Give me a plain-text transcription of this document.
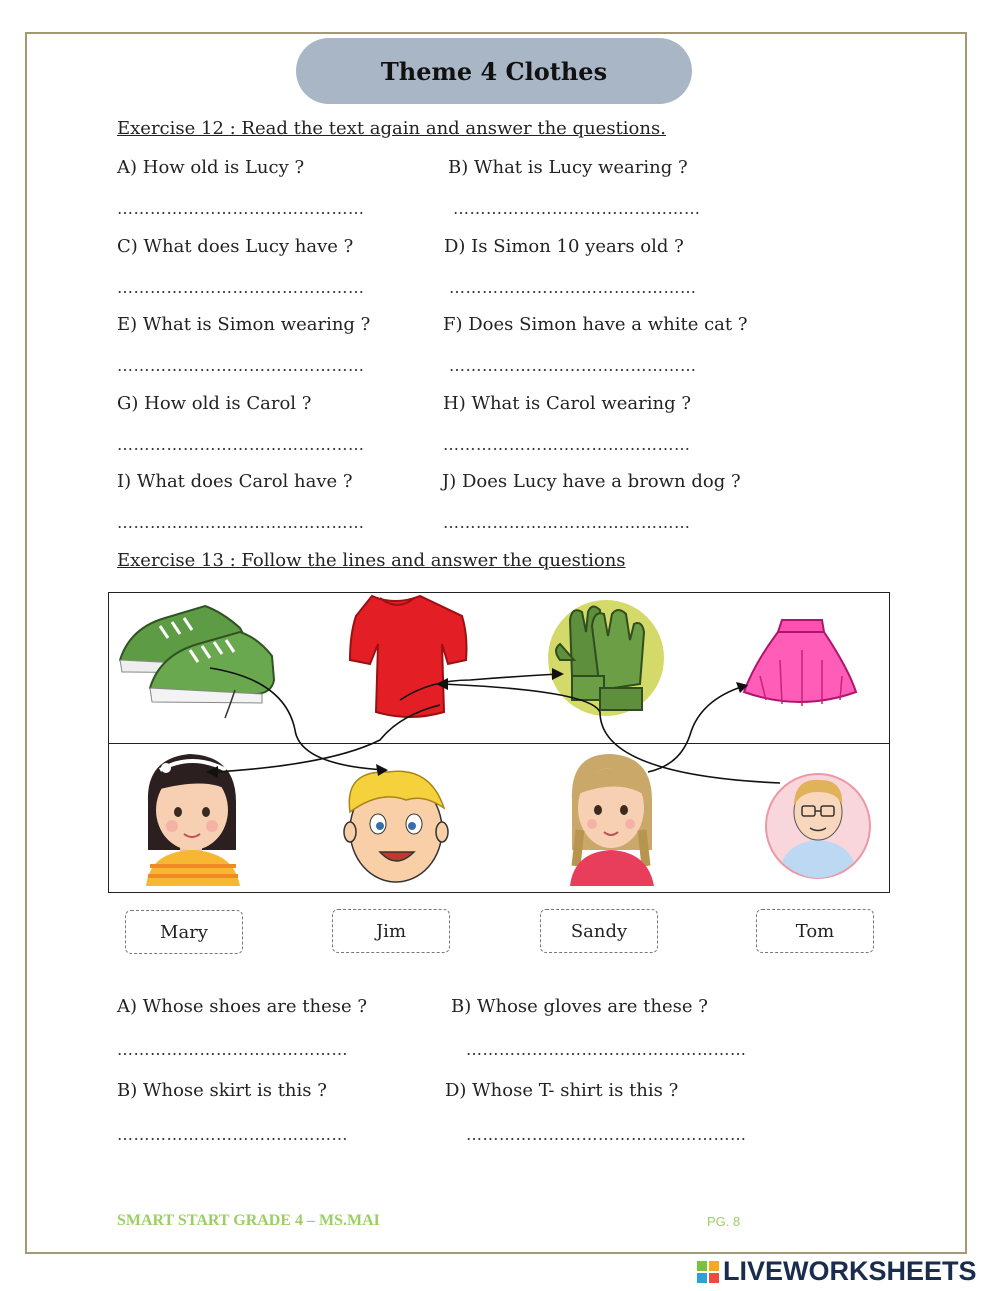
Theme 4 Clothes
Exercise 12 : Read the text again and answer the questions.
A) How old is Lucy ?	B) What is Lucy wearing ?
………………………………………	………………………………………
C) What does Lucy have ?	D) Is Simon 10 years old ?
………………………………………	………………………………………
E) What is Simon wearing ?	F) Does Simon have a white cat ?
………………………………………	………………………………………
G) How old is Carol ?	H) What is Carol wearing ?
………………………………………	………………………………………
I) What does Carol have ?	J) Does Lucy have a brown dog ?
………………………………………	………………………………………
Exercise 13 : Follow the lines and answer the questions
Mary	Jim	Sandy	Tom
A) Whose shoes are these ?	B) Whose gloves are these ?
……………………………………	……………………………………………
B) Whose skirt is this ?	D) Whose T- shirt is this ?
……………………………………	……………………………………………
SMART START GRADE 4 – MS.MAI	PG. 8
LIVEWORKSHEETS
